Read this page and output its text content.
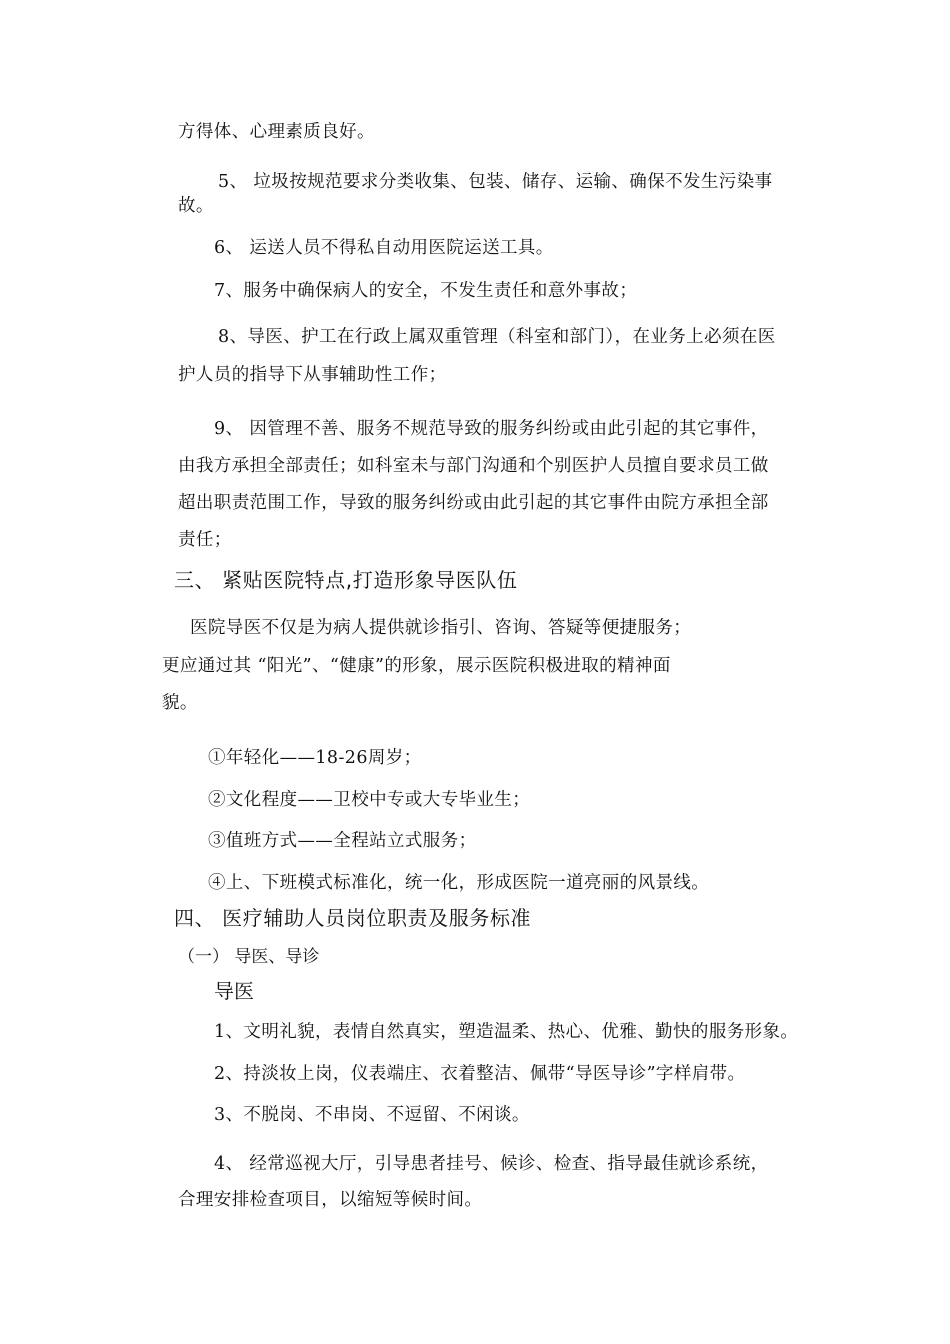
方得体、心理素质良好。
5、 垃圾按规范要求分类收集、包装、储存、运输、确保不发生污染事
故。
6、 运送人员不得私自动用医院运送工具。
7、服务中确保病人的安全，不发生责任和意外事故；
8、导医、护工在行政上属双重管理（科室和部门），在业务上必须在医
护人员的指导下从事辅助性工作；
9、 因管理不善、服务不规范导致的服务纠纷或由此引起的其它事件，
由我方承担全部责任；如科室未与部门沟通和个别医护人员擅自要求员工做
超出职责范围工作，导致的服务纠纷或由此引起的其它事件由院方承担全部
责任；
三、 紧贴医院特点,打造形象导医队伍
医院导医不仅是为病人提供就诊指引、咨询、答疑等便捷服务；
更应通过其 “阳光”、“健康”的形象，展示医院积极进取的精神面
貌。
①年轻化——18-26周岁；
②文化程度——卫校中专或大专毕业生；
③值班方式——全程站立式服务；
④上、下班模式标准化，统一化，形成医院一道亮丽的风景线。
四、 医疗辅助人员岗位职责及服务标准
（一） 导医、导诊
导医
1、文明礼貌，表情自然真实，塑造温柔、热心、优雅、勤快的服务形象。
2、持淡妆上岗，仪表端庄、衣着整洁、佩带“导医导诊”字样肩带。
3、不脱岗、不串岗、不逗留、不闲谈。
4、 经常巡视大厅，引导患者挂号、候诊、检查、指导最佳就诊系统，
合理安排检查项目，以缩短等候时间。
